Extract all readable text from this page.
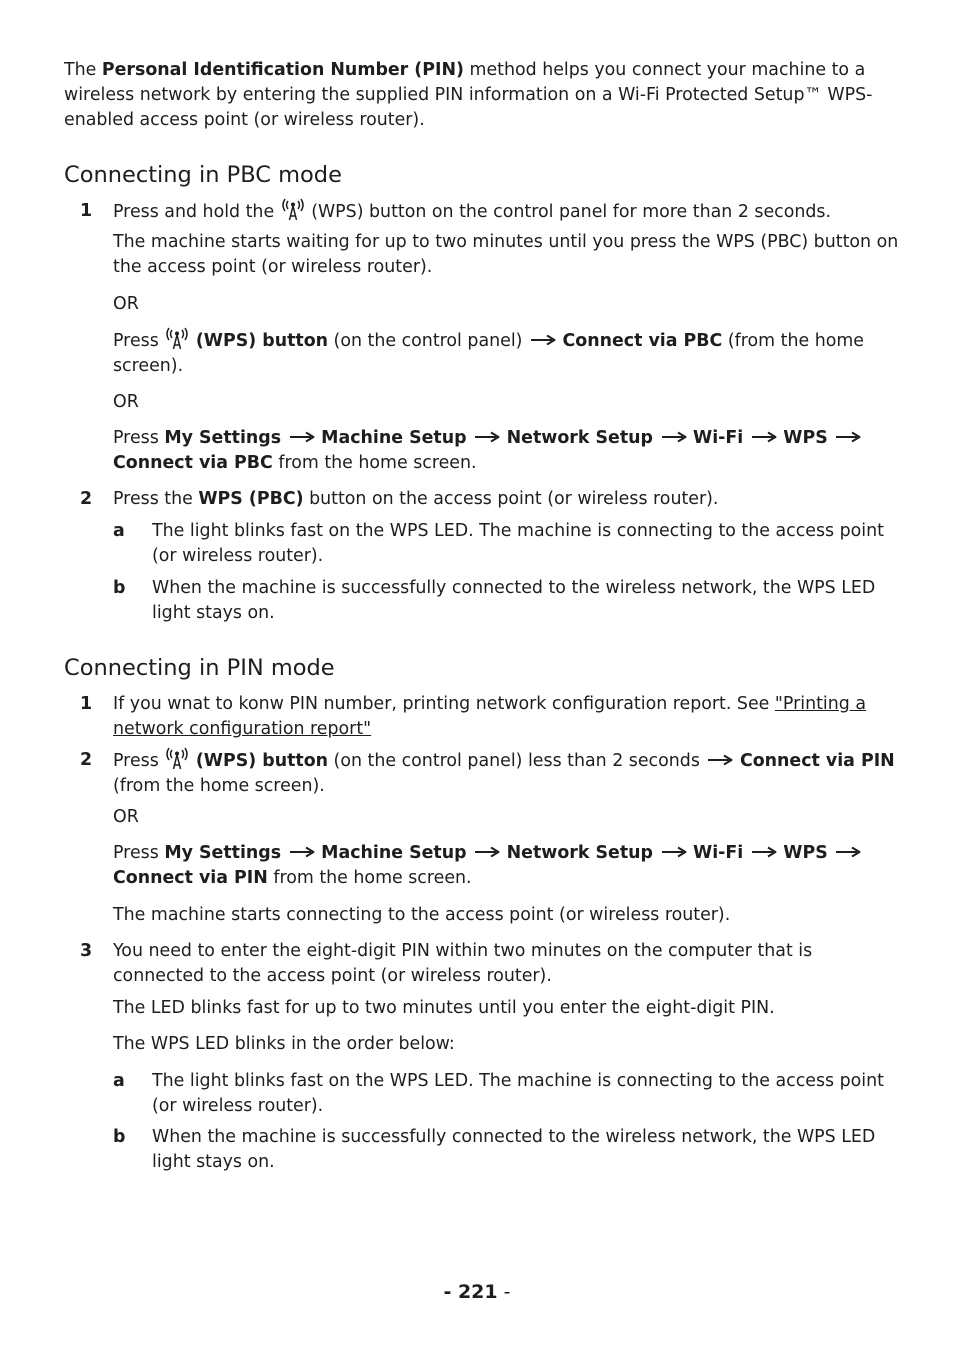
The Personal Identification Number (PIN) method helps you connect your machine to a wireless network by entering the supplied PIN information on a Wi-Fi Protected Setup™ WPS-enabled access point (or wireless router).

Connecting in PBC mode
1 Press and hold the  (WPS) button on the control panel for more than 2 seconds.

The machine starts waiting for up to two minutes until you press the WPS (PBC) button on the access point (or wireless router).

OR

Press  (WPS) button (on the control panel)  Connect via PBC (from the home screen).

OR

Press My Settings Machine Setup Network Setup Wi-Fi WPS  Connect via PBC from the home screen.

2 Press the WPS (PBC) button on the access point (or wireless router).

a The light blinks fast on the WPS LED. The machine is connecting to the access point (or wireless router).

b When the machine is successfully connected to the wireless network, the WPS LED light stays on.

Connecting in PIN mode
1 If you wnat to konw PIN number, printing network configuration report. See "Printing a network configuration report"

2 Press  (WPS) button (on the control panel) less than 2 seconds  Connect via PIN (from the home screen).

OR

Press My Settings Machine Setup Network Setup Wi-Fi WPS  Connect via PIN from the home screen.

The machine starts connecting to the access point (or wireless router).

3 You need to enter the eight-digit PIN within two minutes on the computer that is connected to the access point (or wireless router).

The LED blinks fast for up to two minutes until you enter the eight-digit PIN.

The WPS LED blinks in the order below:

a The light blinks fast on the WPS LED. The machine is connecting to the access point (or wireless router).

b When the machine is successfully connected to the wireless network, the WPS LED light stays on.

- 221 -
